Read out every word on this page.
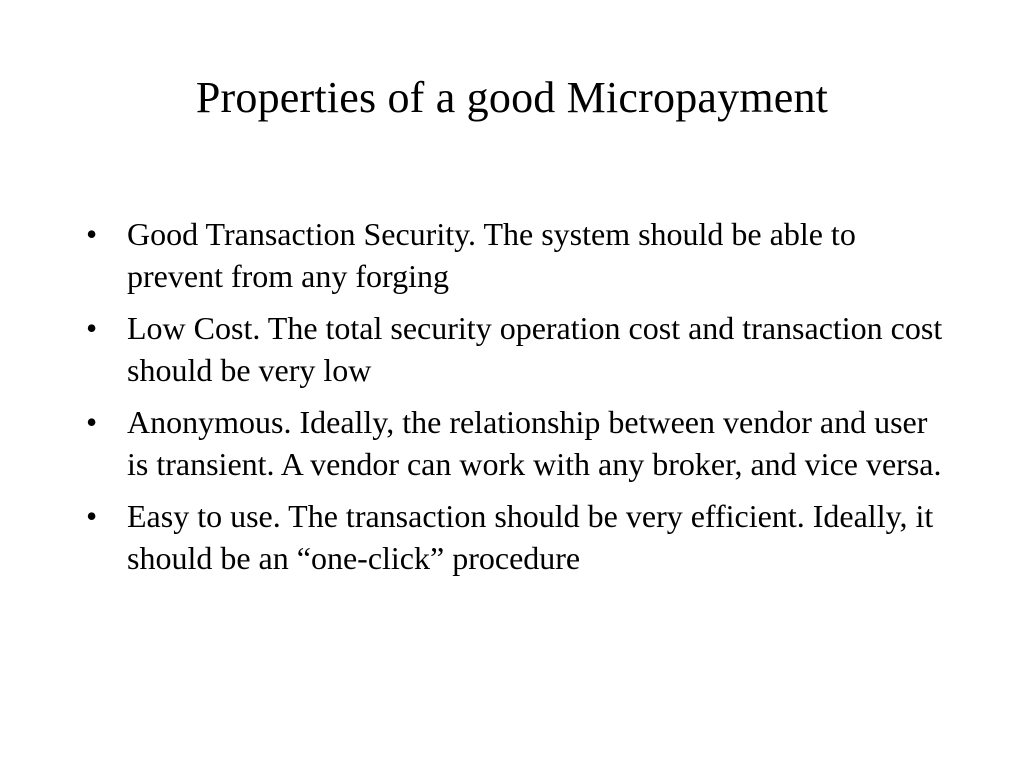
Properties of a good Micropayment
• Good Transaction Security. The system should be able to prevent from any forging
• Low Cost. The total security operation cost and transaction cost should be very low
• Anonymous. Ideally, the relationship between vendor and user is transient. A vendor can work with any broker, and vice versa.
• Easy to use. The transaction should be very efficient. Ideally, it should be an “one-click” procedure
